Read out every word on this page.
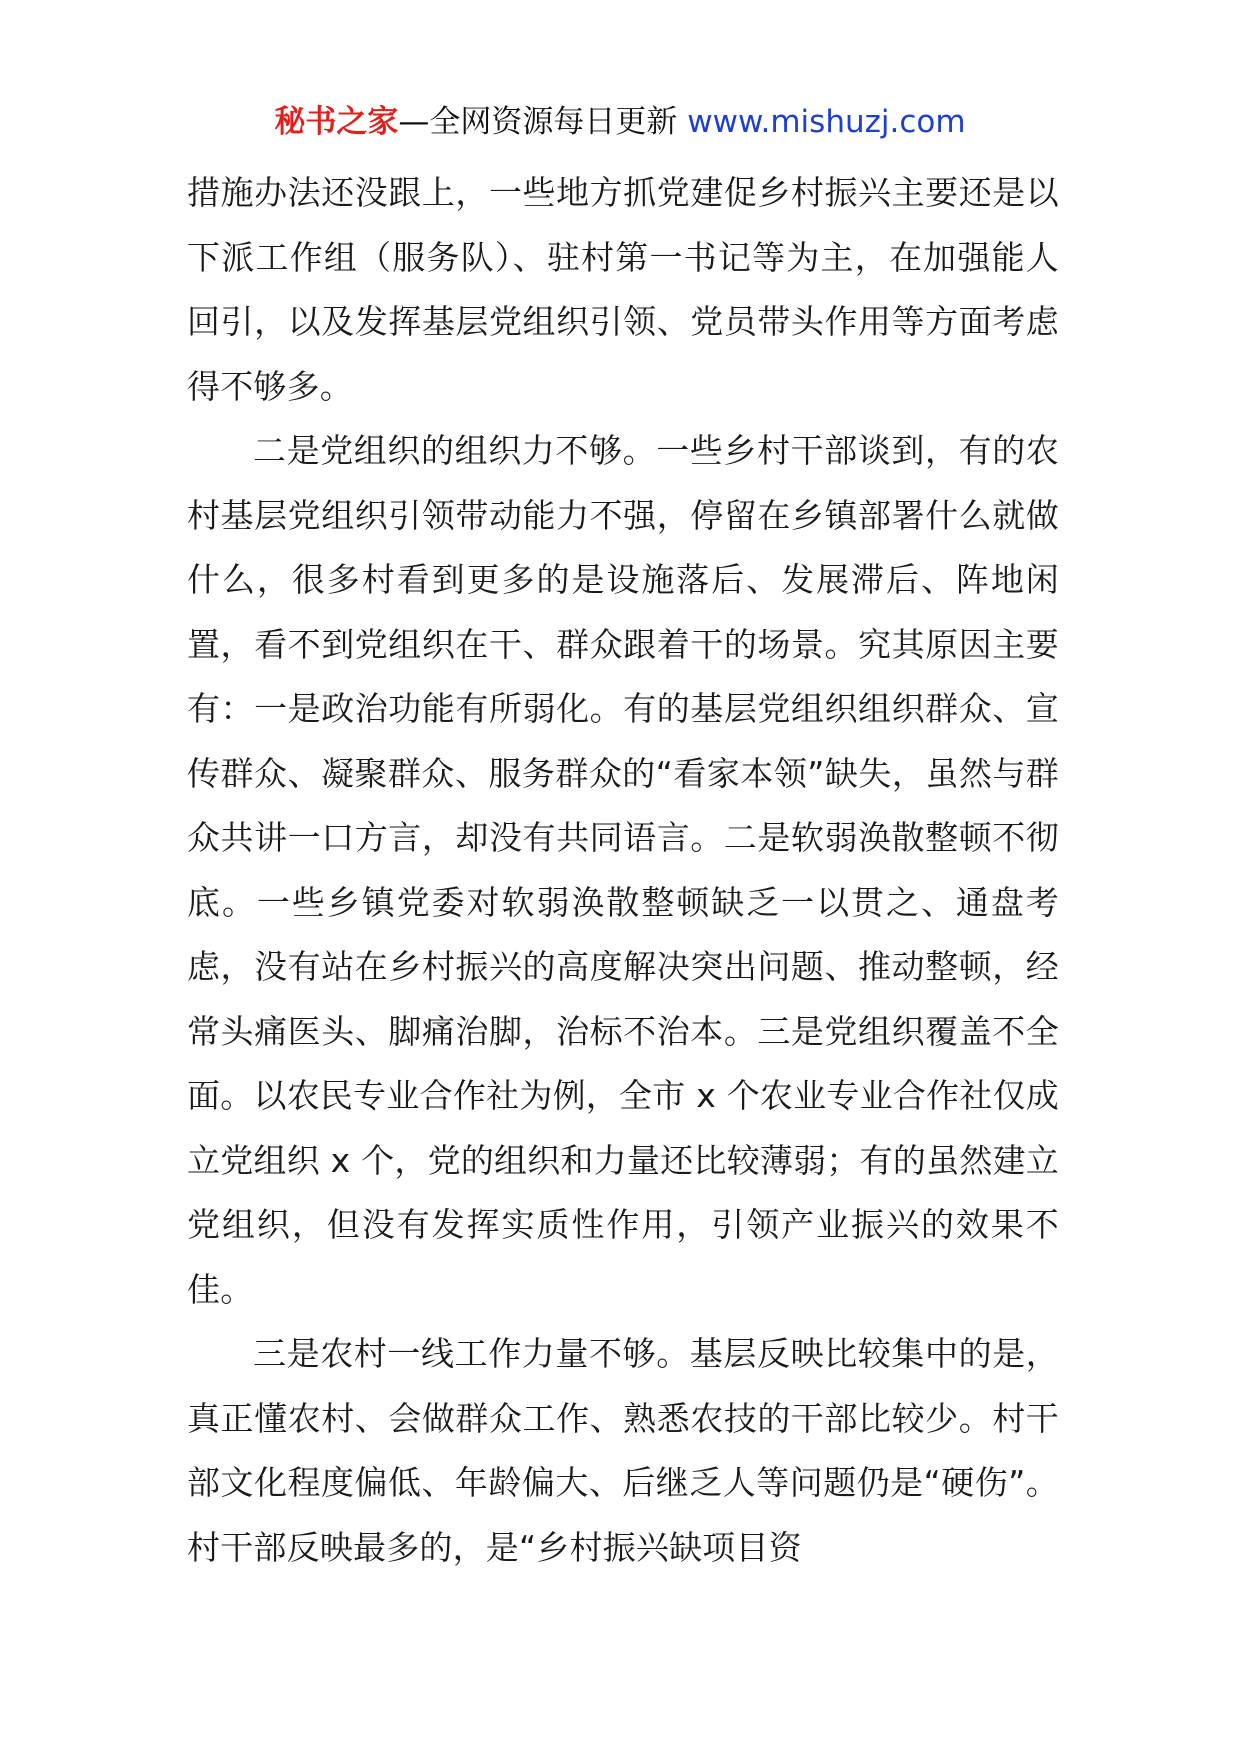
秘书之家—全网资源每日更新 www.mishuzj.com

措施办法还没跟上，一些地方抓党建促乡村振兴主要还是以下派工作组（服务队）、驻村第一书记等为主，在加强能人回引，以及发挥基层党组织引领、党员带头作用等方面考虑得不够多。

二是党组织的组织力不够。一些乡村干部谈到，有的农村基层党组织引领带动能力不强，停留在乡镇部署什么就做什么，很多村看到更多的是设施落后、发展滞后、阵地闲置，看不到党组织在干、群众跟着干的场景。究其原因主要有：一是政治功能有所弱化。有的基层党组织组织群众、宣传群众、凝聚群众、服务群众的“看家本领”缺失，虽然与群众共讲一口方言，却没有共同语言。二是软弱涣散整顿不彻底。一些乡镇党委对软弱涣散整顿缺乏一以贯之、通盘考虑，没有站在乡村振兴的高度解决突出问题、推动整顿，经常头痛医头、脚痛治脚，治标不治本。三是党组织覆盖不全面。以农民专业合作社为例，全市 x 个农业专业合作社仅成立党组织 x 个，党的组织和力量还比较薄弱；有的虽然建立党组织，但没有发挥实质性作用，引领产业振兴的效果不佳。

三是农村一线工作力量不够。基层反映比较集中的是，真正懂农村、会做群众工作、熟悉农技的干部比较少。村干部文化程度偏低、年龄偏大、后继乏人等问题仍是“硬伤”。村干部反映最多的，是“乡村振兴缺项目资
